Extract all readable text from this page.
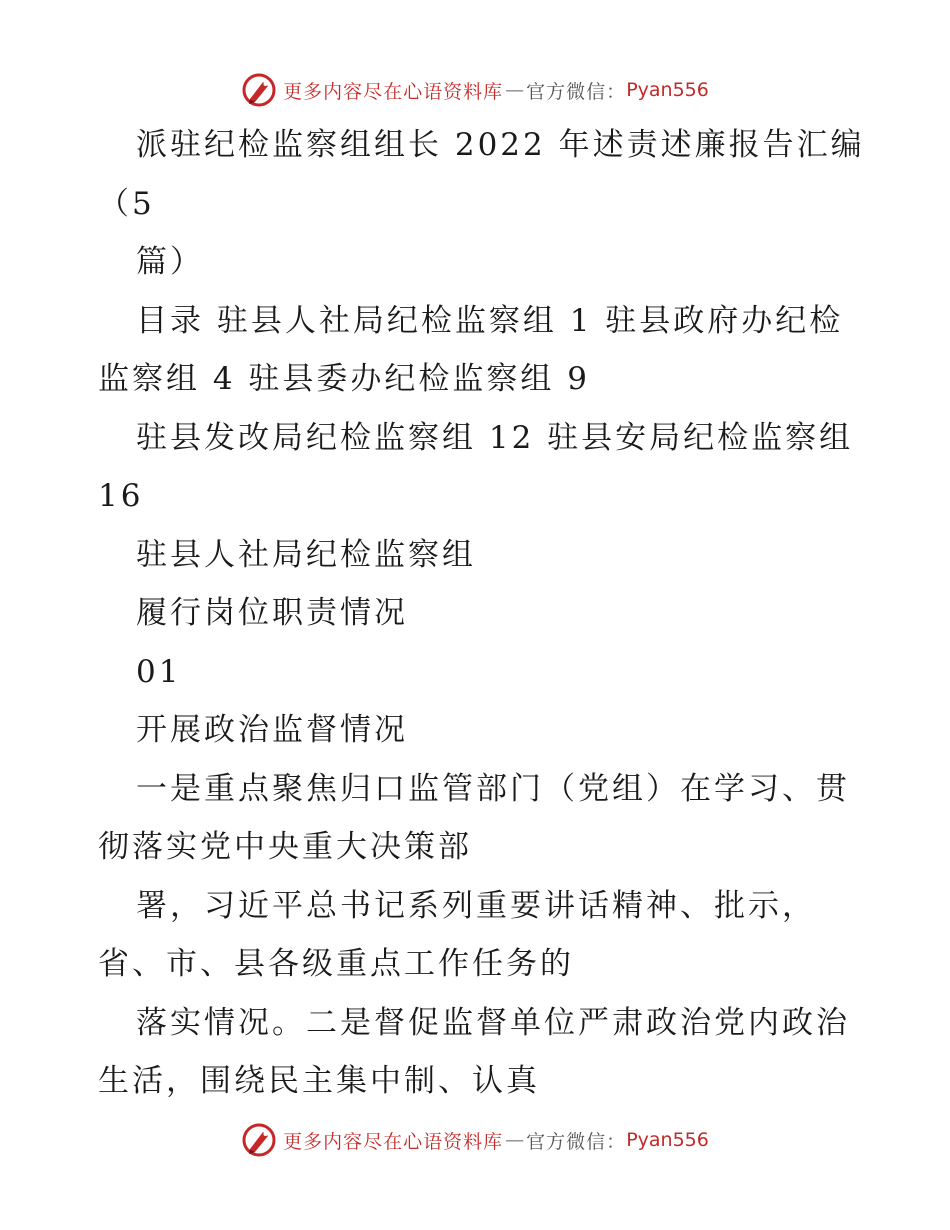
更多内容尽在心语资料库 — 官方微信： Pyan556
派驻纪检监察组组长 2022 年述责述廉报告汇编
（5
篇）
目录 驻县人社局纪检监察组 1 驻县政府办纪检
监察组 4 驻县委办纪检监察组 9
驻县发改局纪检监察组 12 驻县安局纪检监察组
16
驻县人社局纪检监察组
履行岗位职责情况
01
开展政治监督情况
一是重点聚焦归口监管部门（党组）在学习、贯
彻落实党中央重大决策部
署，习近平总书记系列重要讲话精神、批示，
省、市、县各级重点工作任务的
落实情况。二是督促监督单位严肃政治党内政治
生活，围绕民主集中制、认真
更多内容尽在心语资料库 — 官方微信： Pyan556
